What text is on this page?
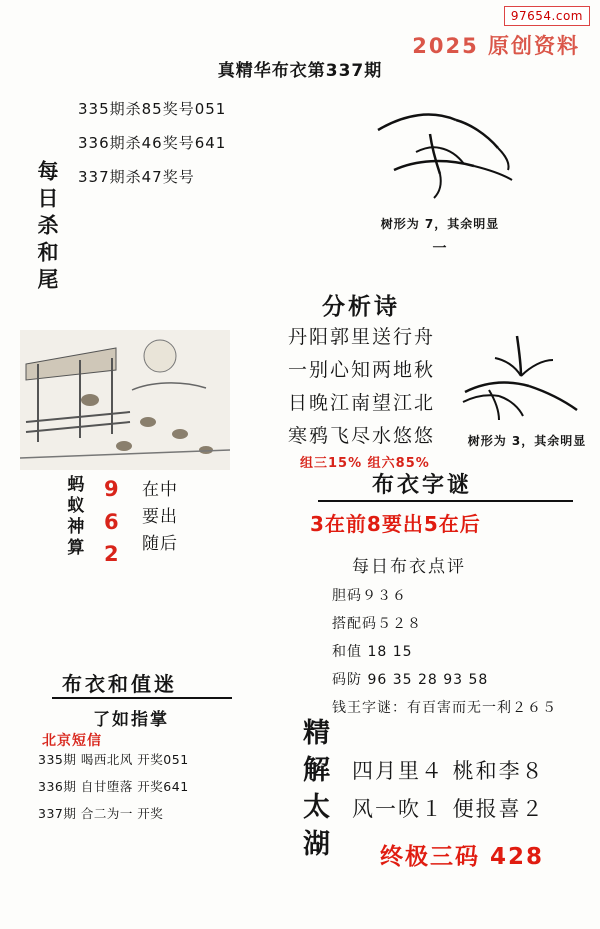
97654.com
2025 原创资料
真精华布衣第337期
每日杀和尾
335期杀85奖号051
336期杀46奖号641
337期杀47奖号
树形为 7，其余明显
一
分析诗
丹阳郭里送行舟
一别心知两地秋
日晚江南望江北
寒鸦飞尽水悠悠
组三15% 组六85%
树形为 3，其余明显
布衣字谜
3在前8要出5在后
每日布衣点评
胆码９３６
搭配码５２８
和值 18 15
码防 96 35 28 93 58
钱王字谜：有百害而无一利２６５
蚂蚁神算 9
6
2
在中
要出
随后
布衣和值迷
了如指掌
北京短信
335期 喝西北风 开奖051
336期 自甘堕落 开奖641
337期 合二为一 开奖	精解太湖 四月里４ 桃和李８
风一吹１ 便报喜２
终极三码 428
